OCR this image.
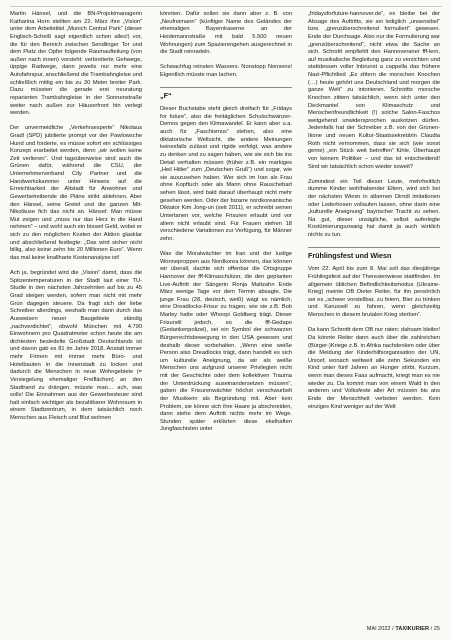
Martin Hänsel, und die BN-Projektmanagerin Katharina Horn stellten am 22. März ihre „Vision“ unter dem Arbeitstitel „Munich Central Park“ (dieser Englisch-Scheiß sagt eigentlich schon alles!) vor, die für den Bereich zwischen Sendlinger Tor und dem Platz der Opfer folgende Raumaufteilung (von außen nach innen) vorsieht: verbreiterte Gehwege, üppige Radwege, dann jeweils nur mehr eine Autofahrspur, anschließend die Trambahngleise und schließlich mittig ein bis zu 30 Meter breiter Park. Dazu müssten die gerade erst neuratung reparierten Trambahngleise in der Sonnenstraße weiter nach außen zur Häuserfront hin verlegt werden.

Der unvermeidliche „Verkehrsexperte“ Nikolaus Gradl (SPD) jubilierte prompt vor der Pawlowsche Hund und forderte, es müsse sofort ein schlüssiges Konzept erarbeitet werden, denn „wir wollen keine Zeit verlieren“. Und tagsüberweise sind auch die Grünen dafür, während die CSU, der Unternehmerverband City Partner und die Handwerkskammer unter Hinweis auf die Erreichbarkeit der Altstadt für Anwohner und Gewerbetreibende die Pläne strikt ablehnen. Aber den Hänsel, seine Gretel und die ganzen Mit-Nikoläuse fich das nicht an. Hänsel: Man müsse Mut zeigen und „muss nur das Herz in die Hand nehmen“ – und wohl auch ein bisserl Geld, wobei er sich zu den möglichen Kosten der Aktion glasklar und abschließend festlegte: „Das wird sicher nicht billig, also keine zehn bis 20 Millionen Euro“. Wenn das mal keine knallharte Kostenanalyse ist!

Ach ja, begründet wird die „Vision“ damit, dass die Spitzentemperaturen in der Stadt laut einer TU-Studie in den nächsten Jahrzehnten auf bis zu 45 Grad steigen werden, sofern man nicht mit mehr Grün dagegen steuere. Da fragt sich der liebe Schreiber allerdings, weshalb man dann durch das Ausweisen neuer Baugebiete ständig „nachverdichtet“, obwohl München mit 4.790 Einwohnern pro Quadratmeter schon heute die am dichtesten besiedelte Großstadt Deutschlands ist und davon gab es 81 im Jahre 2018. Anstatt immer mehr Firmen mit immer mehr Büro- und Hotelbauten in die Innenstadt zu locken und dadurch die Menschen in neue Wohngebiete (= Versiegelung ehemaliger Freiflächen) an den Stadtrand zu drängen, müsste man… ach, was solls! Die Einnahmen aus der Gewerbesteuer sind halt einfach wichtiger als bezahlbarer Wohnraum in einem Stadtzentrum, in dem tatsächlich noch Menschen aus Fleisch und Blut wohnen

könnten. Dafür sollen sie dann aber z. B. von „Neufreimann“ (künftiger Name des Geländes der ehemaligen Bayernkaserne an der Heidemannstraße mit bald 5.500 neuen Wohnungen) zum Spazierengehen ausgerechnet in die Stadt reinradeln.

Schwachfug reinsten Wassers. Nonstopp Nonsens! Eigentlich müsste man lachen.

„F“

Dieser Buchstabe steht gleich dreifach für „Fridays for future“, also die freitäglichen Schulschwänzer-Demos gegen den Klimawandel. Er kann aber u.a. auch für „Faschismus“ stehen, also eine diktatorische Weltsicht, die andere Meinungen keinesfalls zulässt und rigide verfolgt, was andere zu denken und zu sagen haben, wie sie sich bis ins Detail verhalten müssen (früher z.B. ein markiges „Heil Hitler“ zum „Deutschen Gruß“) und sogar, wie sie auszusehen haben. Wer sich im Iran als Frau ohne Kopftuch oder als Mann ohne Rauschebart sehen lässt, wird bald darauf überhaupt nicht mehr gesehen werden. Oder der bizarre nordkoreanische Diktator Kim Jong-un (seit 2011), er schreibt seinen Untertanen vor, welche Frisuren erlaubt und vor allem nicht erlaubt sind. Für Frauen stehen 18 verschiedene Variationen zur Verfügung, für Männer zehn.

Was die Moralwächter im Iran und der lustige Wonneproppen aus Nordkorea können, das können wir überall, dachte sich offenbar die Ortsgruppe Hannover der fff-Klimaschützer, die den geplanten Live-Auftritt der Sängerin Ronja Maltzahn Ende März wenige Tage vor dem Termin absagte. Die junge Frau (28, deutsch, weiß) wagt es nämlich, eine Dreadlocks-Frisur zu tragen, wie sie z.B. Bob Marley hatte oder Whoopi Goldberg trägt. Dieser Frisurstil jedoch, so die fff-Gedapo (Gedankenpolizei), sei ein Symbol der schwarzen Bürgerrechtsbewegung in den USA gewesen und deshalb dieser vorbehalten. „Wenn eine weiße Person also Dreadlocks trägt, dann handelt es sich um kulturelle Aneignung, da wir als weiße Menschen uns aufgrund unserer Privilegien nicht mit der Geschichte oder dem kollektiven Trauma der Unterdrückung auseinandersetzen müssen“, gaben die Frisurenwächter höchst verschwurbelt der Musikerin als Begründung mit. Aber kein Problem, sie könne sich ihre Haare ja abschneiden, dann stehe dem Auftritt nichts mehr im Wege. Stunden später erklärten diese ekelhaften Jungfaschisten unter

„fridaysforfuture-hannover.de“, es bleibe bei der Absage des Auftritts, sie sei lediglich „unsensibel“ bzw. „grenzüberschreitend formuliert“ gewesen. Ende der Durchsage. Also nur die Formulierung war „grenzüberschreitend“, nicht etwa die Sache an sich. Schrottt empfiehlt den Hannoveraner fff-lern, auf musikalische Begleitung ganz zu verzichten und stattdessen voller Inbrunst a cappella das frühere Nazi-Pflichtlied „Es zittern die morschen Knochen (…) heute gehört uns Deutschland und morgen die ganze Welt“ zu intonieren. Schrottts morsche Knochen zittern tatsächlich, wenn sich unter den Deckmantel von Klimaschutz und Menschenfreundlichkeit (!) solche Salon-Faschos weitgehend unwidersprochen auskotzen dürfen. Jedenfalls hat der Schreiber z.B. von der Grünen-Ikone und neuen Kultur-Staatssekretärin Claudia Roth nicht vernommen, dass sie sich (wie sonst gerne) „ein Stück weit betroffen“ fühle. Überhaupt von keinem Politiker – und das ist entscheidend! Sind wir tatsächlich schon wieder soweit?

Zumindest ein Teil dieser Leute, mehrheitlich dumme Kinder wohlhabender Eltern, wird sich bei der nächsten Wiesn in albernen Dirndl imitationen oder Lederhosen vollaufen lassen, ohne darin eine „kulturelle Aneignung“ bayrischer Tracht zu sehen. Na gut, dieser unsägliche, selbst auferlegte Kostümierungszwang hat damit ja auch wirklich nichts zu tun.

Frühlingsfest und Wiesn

Vom 22. April bis zum 8. Mai soll das diesjährige Frühlingsfest auf der Theresienwiese stattfinden. Im allgemein üblichen Befindlichkeitsmodus (Ukraine-Krieg) meinte OB Dieter Reiter, für ihn persönlich sei es „schwer vorstellbar, zu feiern, Bier zu trinken und Karussell zu fahren, wenn gleichzeitig Menschen in diesem brutalen Krieg sterben“.

Da kann Schrottt dem OB nur raten: dahoam bleibn! Da könnte Reiter dann auch über die zahlreichen (Bürger-)Kriege z.B. in Afrika nachdenken oder über die Meldung der Kinderhilfsorganisation der UN, Unicef, wonach weltweit alle zehn Sekunden ein Kind unter fünf Jahren an Hunger stirbt. Kurzum, wenn man dieses Faas aufmacht, kriegt man es nie wieder zu. Da kommt man von einem Wald in den anderen und Volksfeste aller Art müssen bis ans Ende der Menschheit verboten werden. Kein einziges Kind weniger auf der Welt

MAI 2022 / TAXIKURIER / 25
